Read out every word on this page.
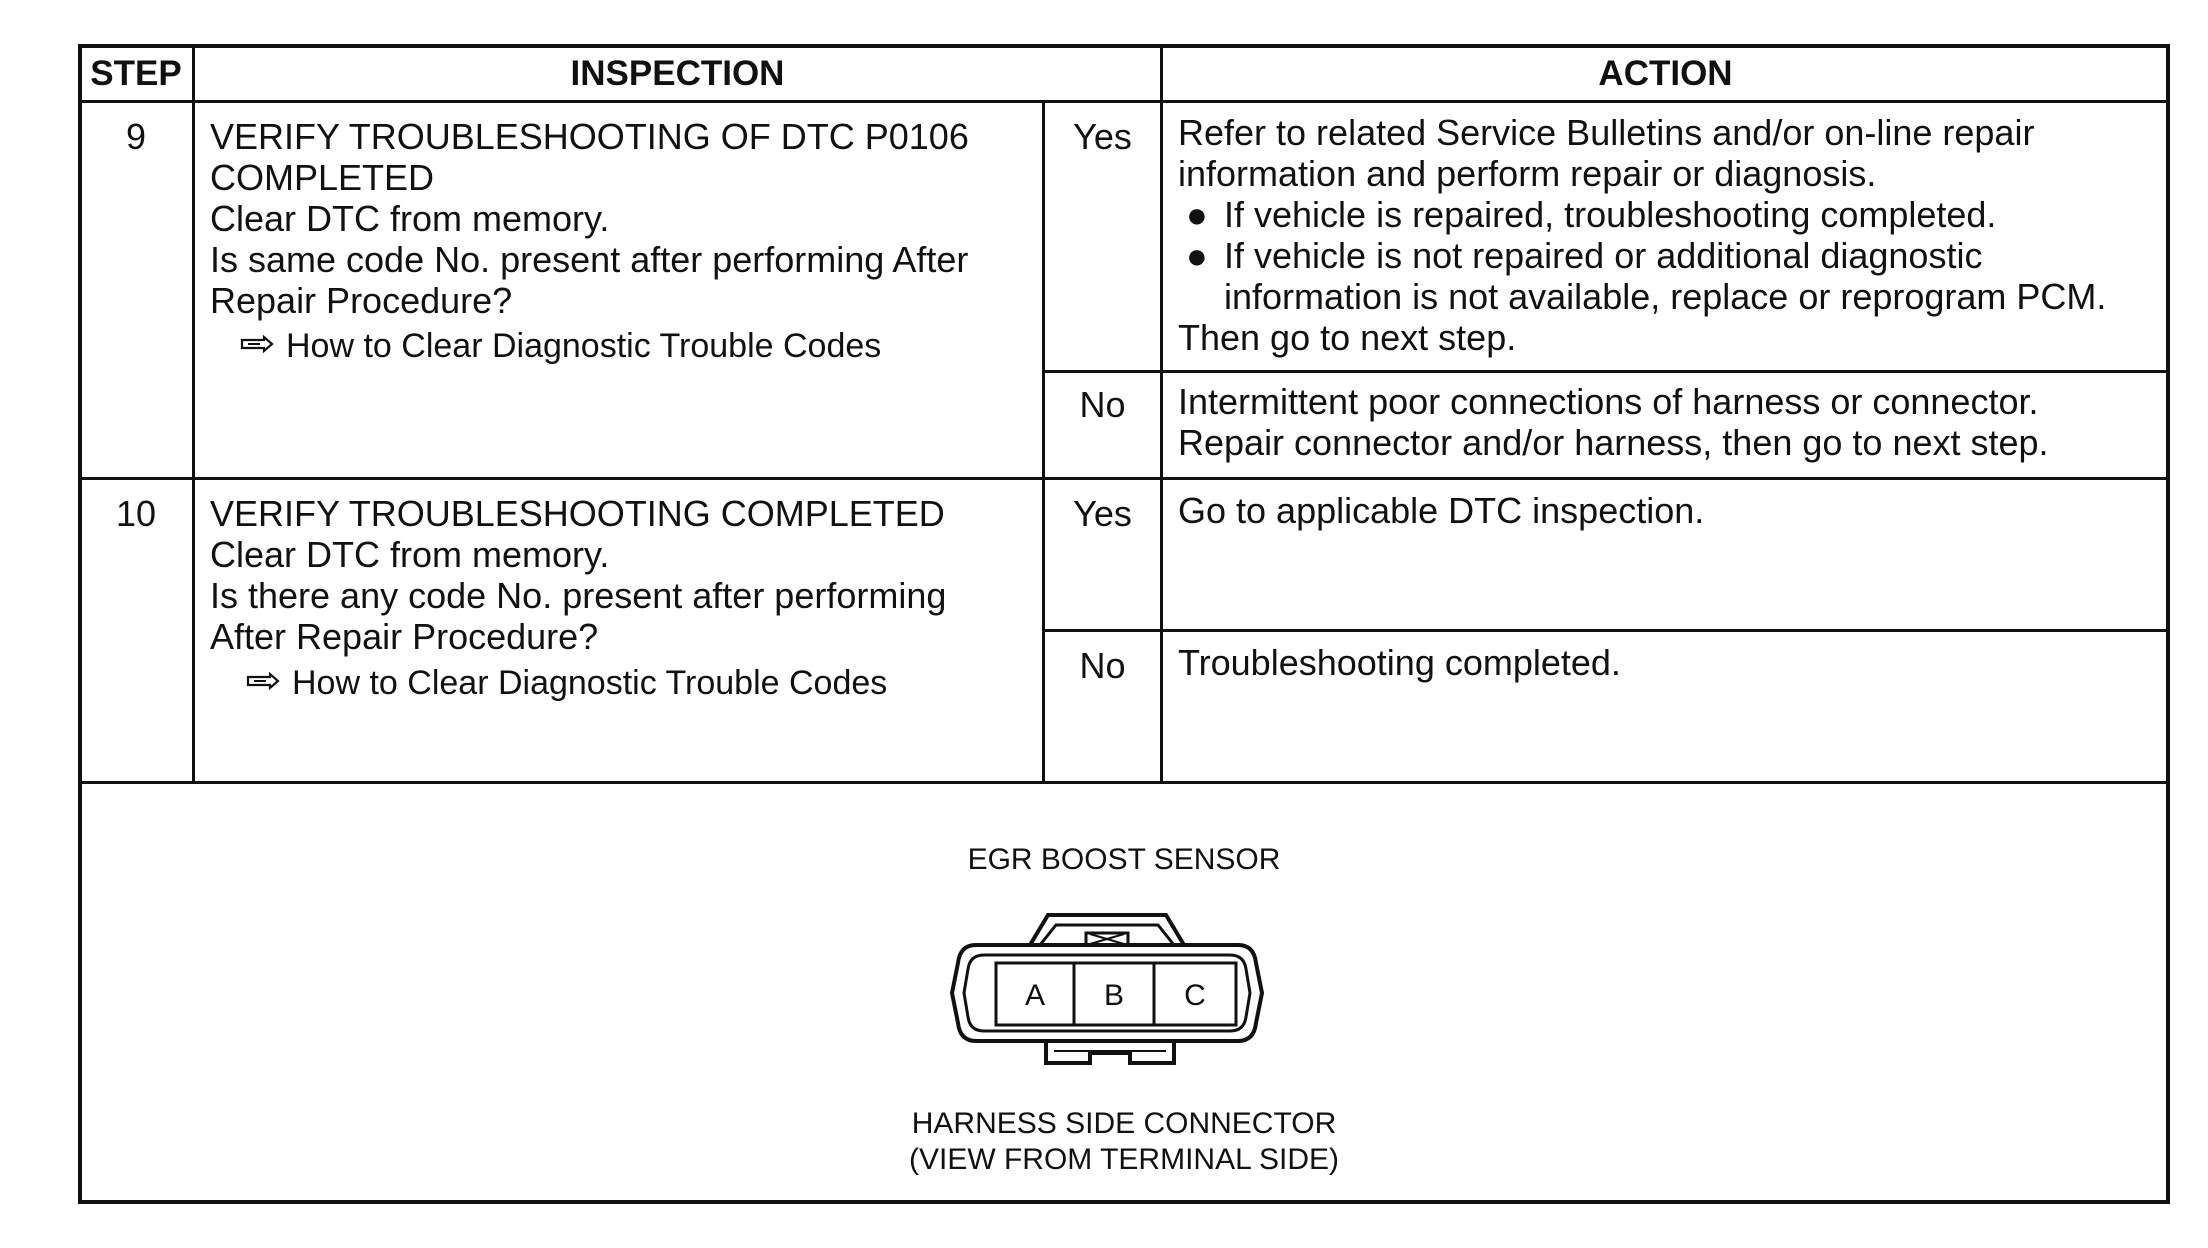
STEP	INSPECTION	ACTION
9	VERIFY TROUBLESHOOTING OF DTC P0106
COMPLETED
Clear DTC from memory.
Is same code No. present after performing After
Repair Procedure?
How to Clear Diagnostic Trouble Codes
Yes	Refer to related Service Bulletins and/or on-line repair
information and perform repair or diagnosis.
● If vehicle is repaired, troubleshooting completed.
● If vehicle is not repaired or additional diagnostic
information is not available, replace or reprogram PCM.
Then go to next step.
No	Intermittent poor connections of harness or connector.
Repair connector and/or harness, then go to next step.
10	VERIFY TROUBLESHOOTING COMPLETED
Clear DTC from memory.
Is there any code No. present after performing
After Repair Procedure?
How to Clear Diagnostic Trouble Codes
Yes	Go to applicable DTC inspection.
No	Troubleshooting completed.
EGR BOOST SENSOR
A B C
HARNESS SIDE CONNECTOR
(VIEW FROM TERMINAL SIDE)
